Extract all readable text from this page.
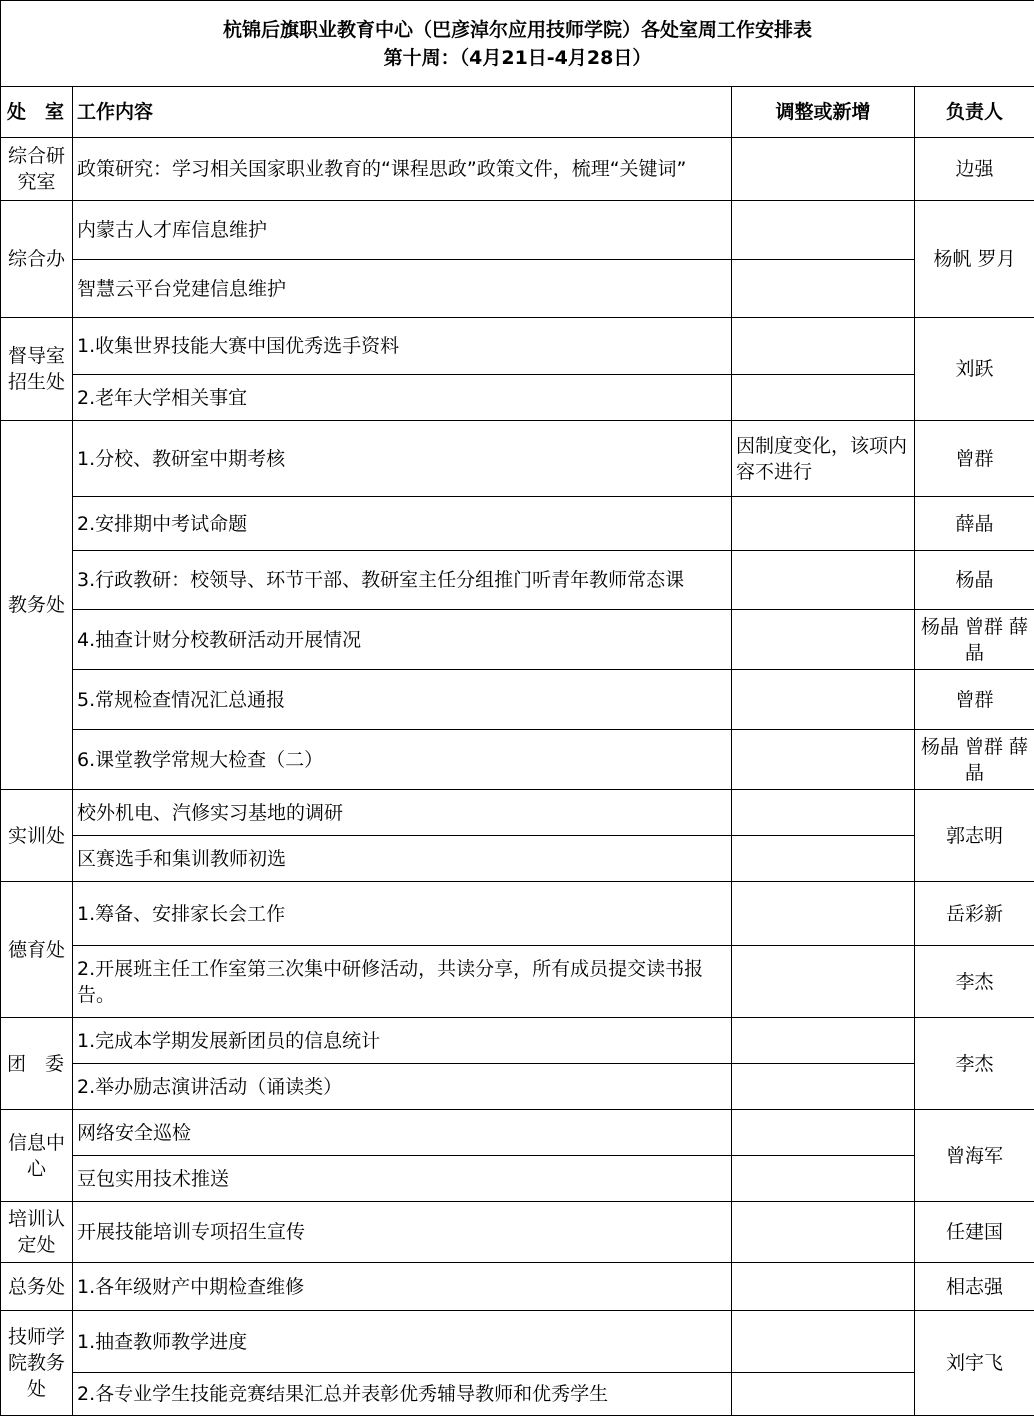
杭锦后旗职业教育中心（巴彦淖尔应用技师学院）各处室周工作安排表
第十周：（4月21日-4月28日）			

处 室	工作内容	调整或新增	负责人
综合研究室	政策研究：学习相关国家职业教育的“课程思政”政策文件，梳理“关键词”		边强
综合办	内蒙古人才库信息维护		杨帆 罗月
	智慧云平台党建信息维护		
督导室招生处	1.收集世界技能大赛中国优秀选手资料		刘跃
	2.老年大学相关事宜		
教务处	1.分校、教研室中期考核	因制度变化，该项内容不进行	曾群
	2.安排期中考试命题		薛晶
	3.行政教研：校领导、环节干部、教研室主任分组推门听青年教师常态课		杨晶
	4.抽查计财分校教研活动开展情况		杨晶 曾群 薛晶
	5.常规检查情况汇总通报		曾群
	6.课堂教学常规大检查（二）		杨晶 曾群 薛晶
实训处	校外机电、汽修实习基地的调研		郭志明
	区赛选手和集训教师初选		
德育处	1.筹备、安排家长会工作		岳彩新
	2.开展班主任工作室第三次集中研修活动，共读分享，所有成员提交读书报告。		李杰
团　委	1.完成本学期发展新团员的信息统计		李杰
	2.举办励志演讲活动（诵读类）		
信息中心	网络安全巡检		曾海军
	豆包实用技术推送		
培训认定处	开展技能培训专项招生宣传		任建国
总务处	1.各年级财产中期检查维修		相志强
技师学院教务处	1.抽查教师教学进度		刘宇飞
	2.各专业学生技能竞赛结果汇总并表彰优秀辅导教师和优秀学生		
